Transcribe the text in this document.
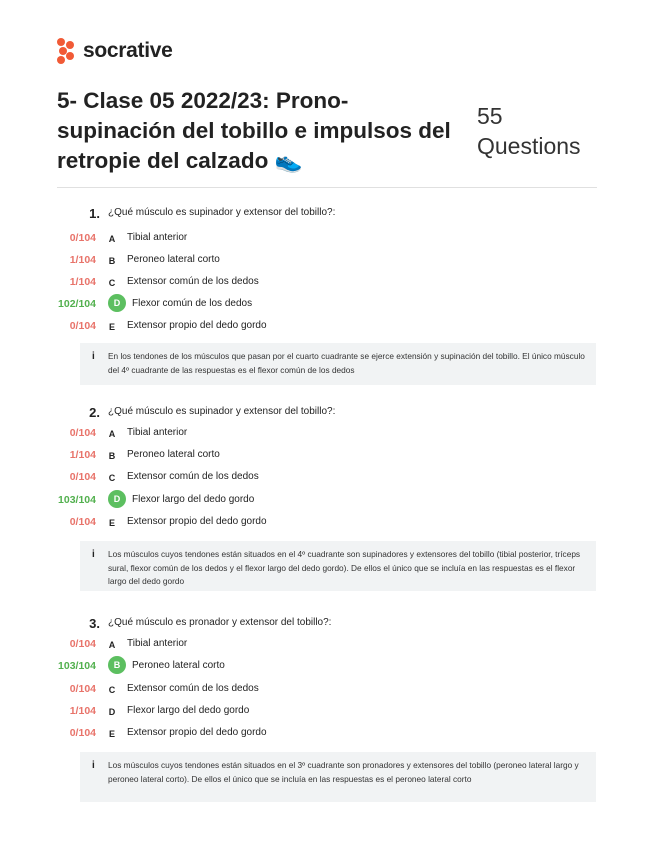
socrative
5- Clase 05 2022/23: Prono-supinación del tobillo e impulsos del retropie del calzado 👟
55
Questions
1. ¿Qué músculo es supinador y extensor del tobillo?:
0/104	A	Tibial anterior
1/104	B	Peroneo lateral corto
1/104	C	Extensor común de los dedos
102/104	D	Flexor común de los dedos
0/104	E	Extensor propio del dedo gordo
i En los tendones de los músculos que pasan por el cuarto cuadrante se ejerce extensión y supinación del tobillo. El único músculo del 4º cuadrante de las respuestas es el flexor común de los dedos
2. ¿Qué músculo es supinador y extensor del tobillo?:
0/104	A	Tibial anterior
1/104	B	Peroneo lateral corto
0/104	C	Extensor común de los dedos
103/104	D	Flexor largo del dedo gordo
0/104	E	Extensor propio del dedo gordo
i Los músculos cuyos tendones están situados en el 4º cuadrante son supinadores y extensores del tobillo (tibial posterior, tríceps sural, flexor común de los dedos y el flexor largo del dedo gordo). De ellos el único que se incluía en las respuestas es el flexor largo del dedo gordo
3. ¿Qué músculo es pronador y extensor del tobillo?:
0/104	A	Tibial anterior
103/104	B	Peroneo lateral corto
0/104	C	Extensor común de los dedos
1/104	D	Flexor largo del dedo gordo
0/104	E	Extensor propio del dedo gordo
i Los músculos cuyos tendones están situados en el 3º cuadrante son pronadores y extensores del tobillo (peroneo lateral largo y peroneo lateral corto). De ellos el único que se incluía en las respuestas es el peroneo lateral corto
